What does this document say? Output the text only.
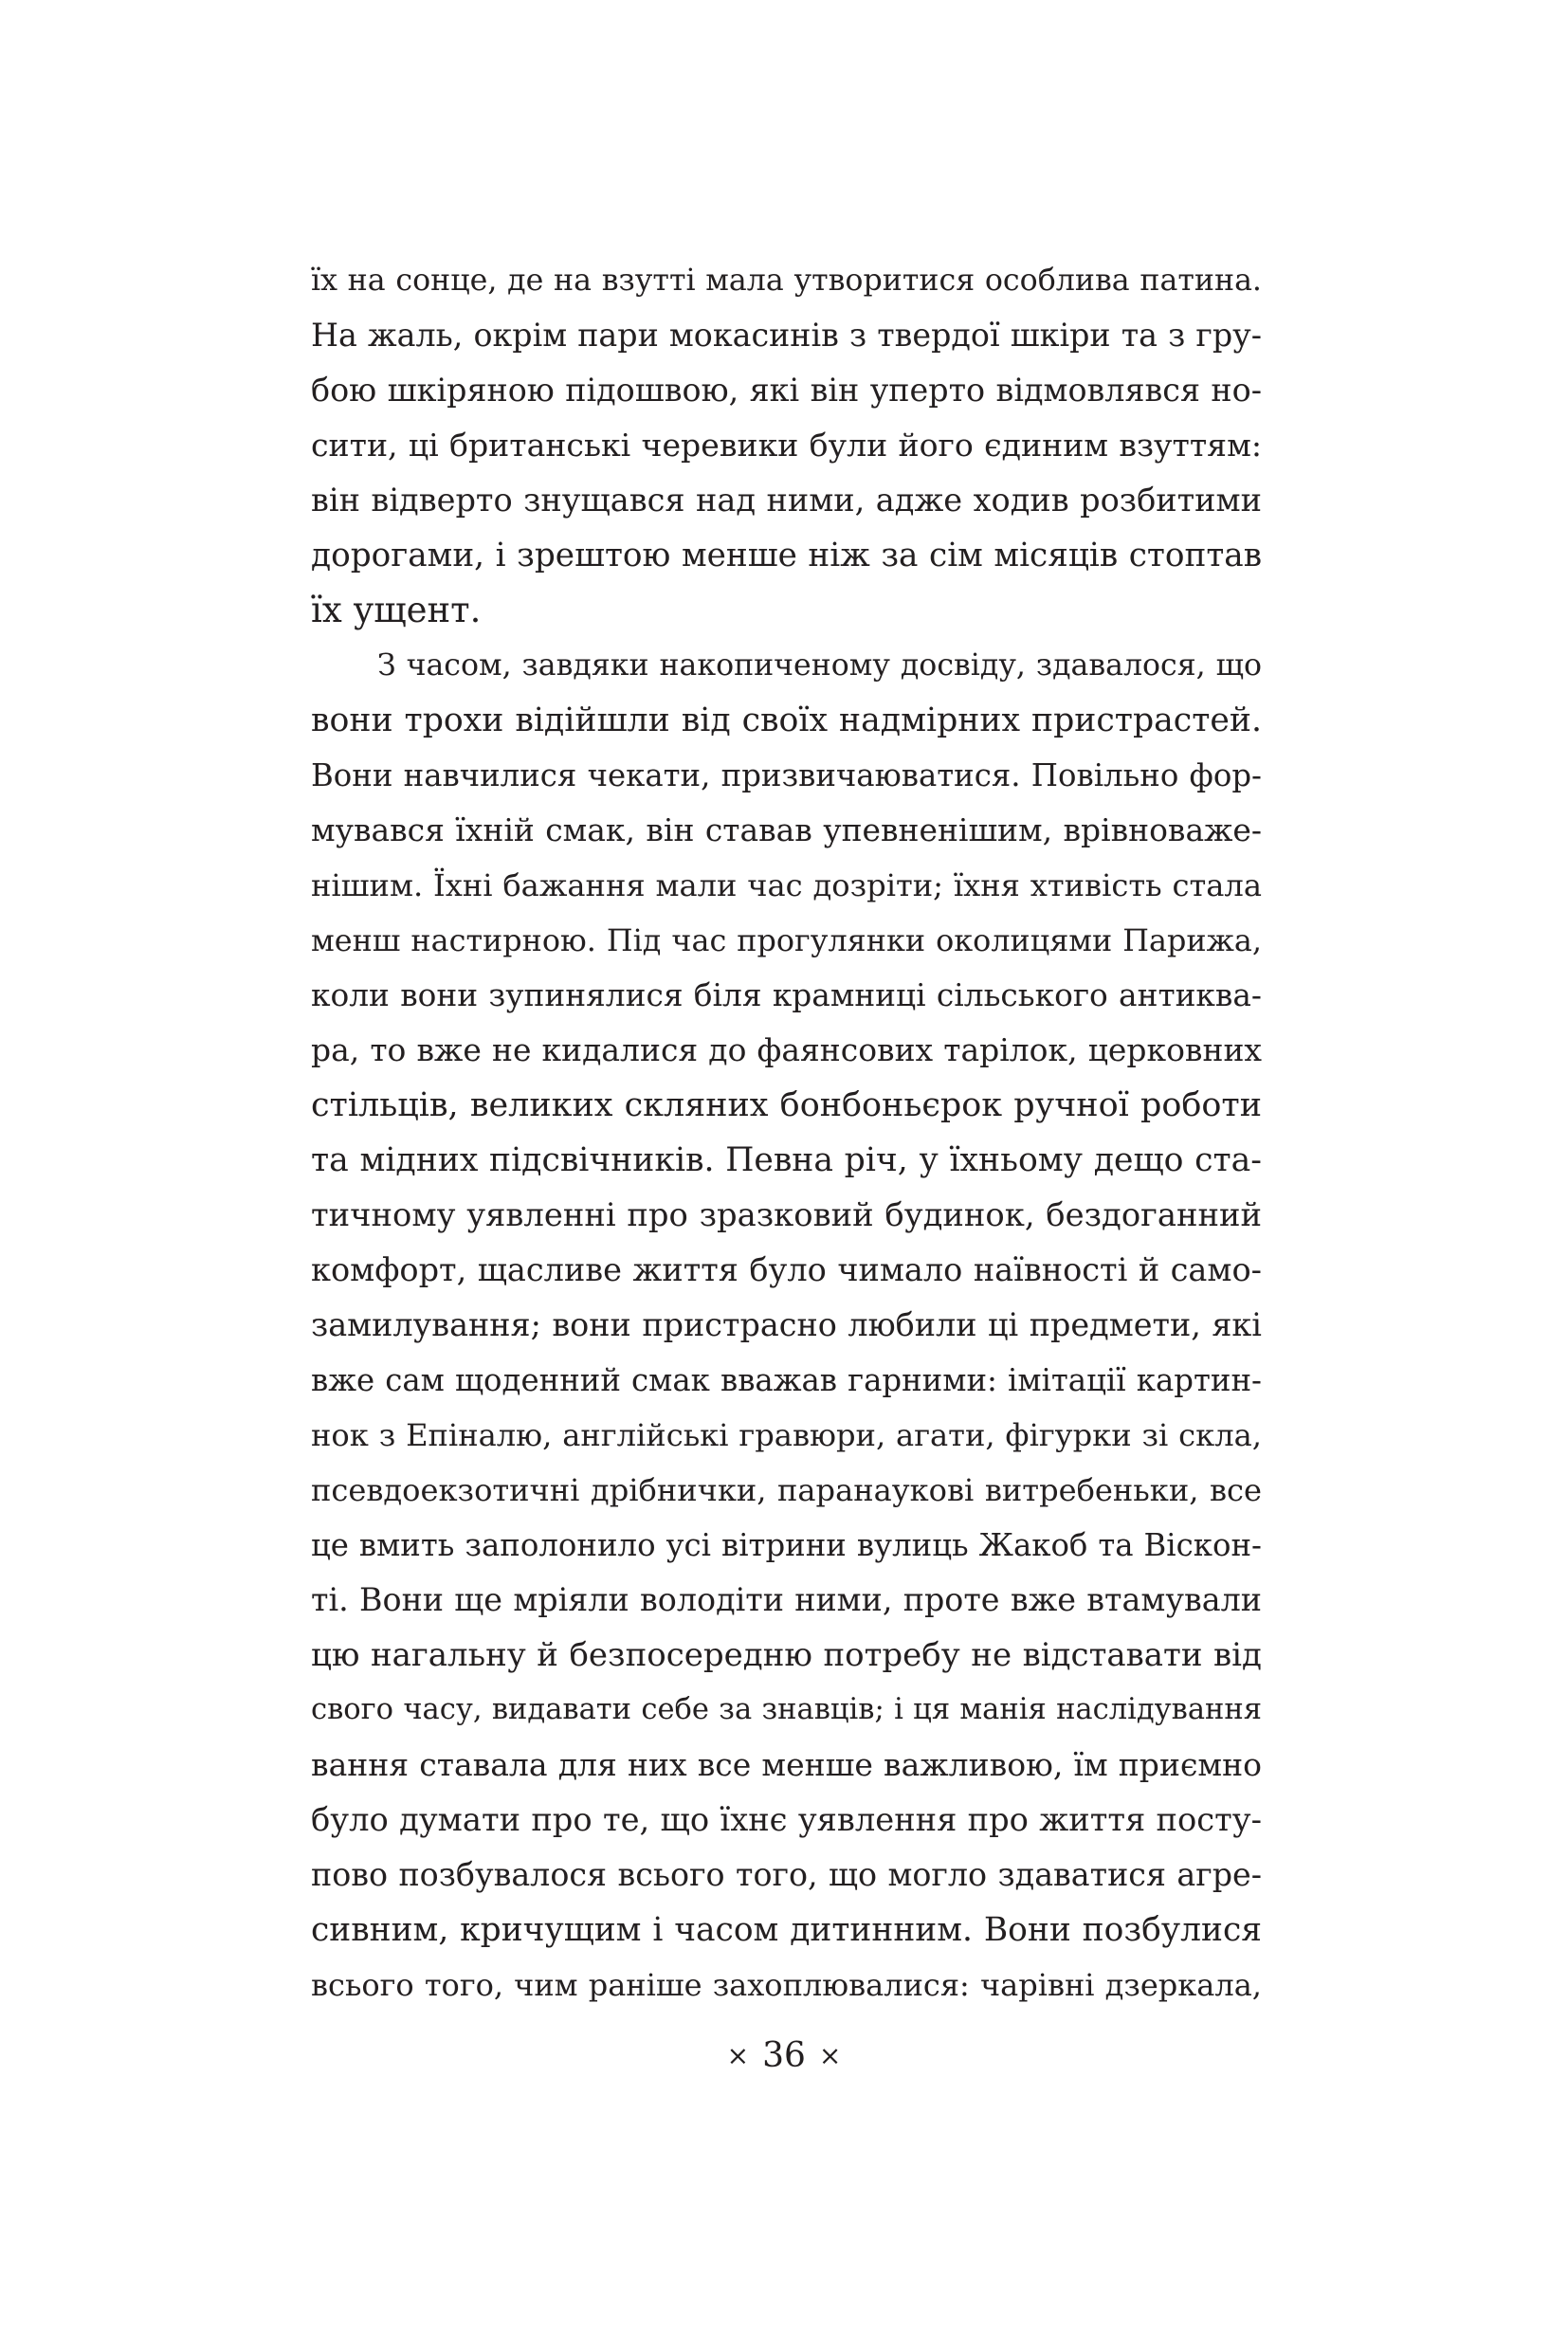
їх на сонце, де на взутті мала утворитися особлива патина.
На жаль, окрім пари мокасинів з твердої шкіри та з гру-
бою шкіряною підошвою, які він уперто відмовлявся но-
сити, ці британські черевики були його єдиним взуттям:
він відверто знущався над ними, адже ходив розбитими
дорогами, і зрештою менше ніж за сім місяців стоптав
їх ущент.
З часом, завдяки накопиченому досвіду, здавалося, що
вони трохи відійшли від своїх надмірних пристрастей.
Вони навчилися чекати, призвичаюватися. Повільно фор-
мувався їхній смак, він ставав упевненішим, врівноваже-
нішим. Їхні бажання мали час дозріти; їхня хтивість стала
менш настирною. Під час прогулянки околицями Парижа,
коли вони зупинялися біля крамниці сільського антиква-
ра, то вже не кидалися до фаянсових тарілок, церковних
стільців, великих скляних бонбоньєрок ручної роботи
та мідних підсвічників. Певна річ, у їхньому дещо ста-
тичному уявленні про зразковий будинок, бездоганний
комфорт, щасливе життя було чимало наївності й само-
замилування; вони пристрасно любили ці предмети, які
вже сам щоденний смак вважав гарними: імітації картин-
нок з Епіналю, англійські гравюри, агати, фігурки зі скла,
псевдоекзотичні дрібнички, паранаукові витребеньки, все
це вмить заполонило усі вітрини вулиць Жакоб та Віскон-
ті. Вони ще мріяли володіти ними, проте вже втамували
цю нагальну й безпосередню потребу не відставати від
свого часу, видавати себе за знавців; і ця манія наслідування
вання ставала для них все менше важливою, їм приємно
було думати про те, що їхнє уявлення про життя посту-
пово позбувалося всього того, що могло здаватися агре-
сивним, кричущим і часом дитинним. Вони позбулися
всього того, чим раніше захоплювалися: чарівні дзеркала,
× 36 ×
